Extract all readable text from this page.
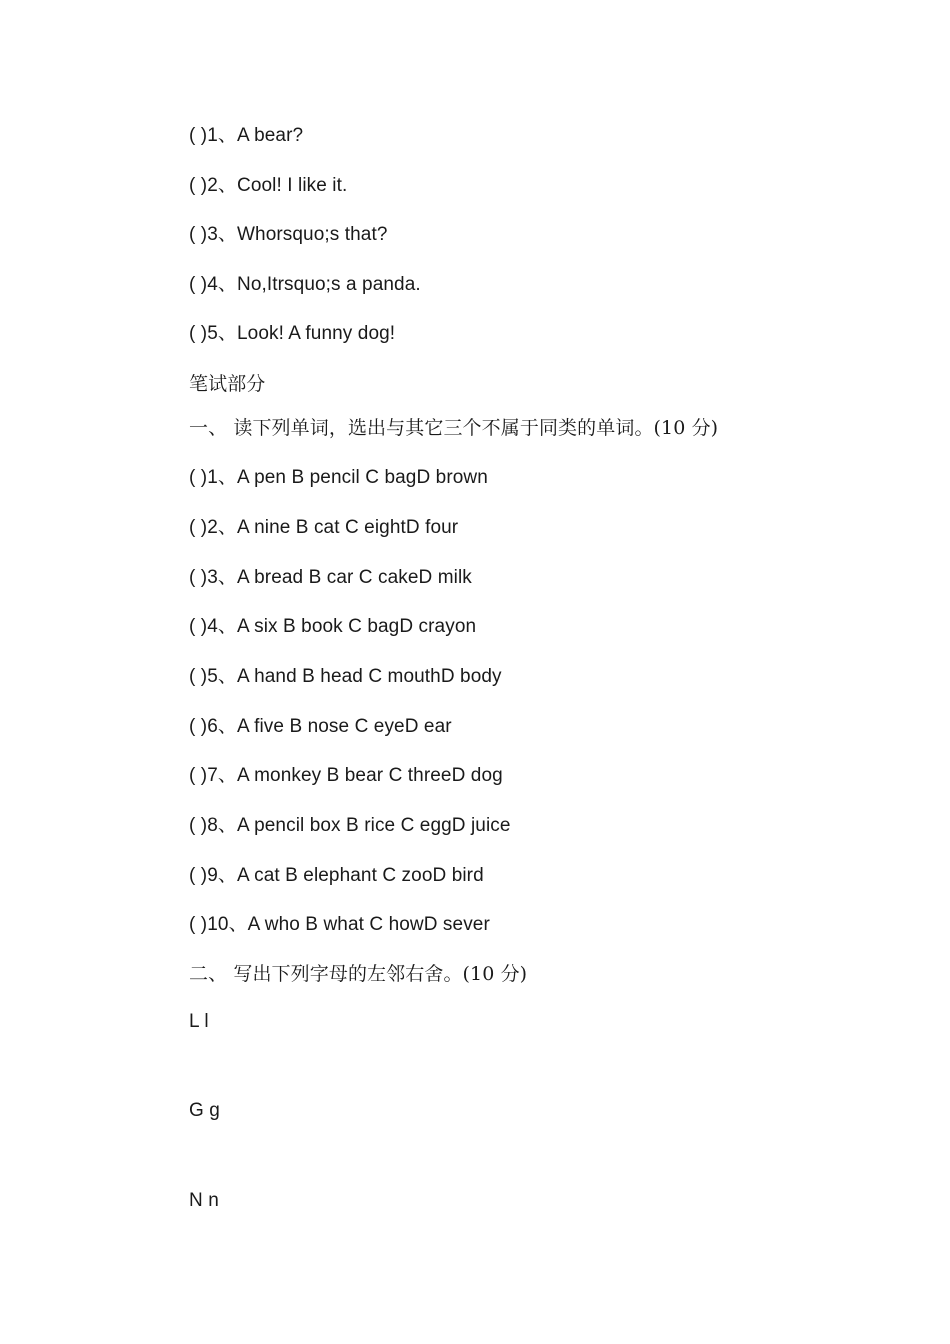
( )1、A bear?
( )2、Cool! I like it.
( )3、Whorsquo;s that?
( )4、No,Itrsquo;s a panda.
( )5、Look! A funny dog!
笔试部分
一、 读下列单词，选出与其它三个不属于同类的单词。(10 分)
( )1、A pen B pencil C bagD brown
( )2、A nine B cat C eightD four
( )3、A bread B car C cakeD milk
( )4、A six B book C bagD crayon
( )5、A hand B head C mouthD body
( )6、A five B nose C eyeD ear
( )7、A monkey B bear C threeD dog
( )8、A pencil box B rice C eggD juice
( )9、A cat B elephant C zooD bird
( )10、A who B what C howD sever
二、 写出下列字母的左邻右舍。(10 分)
L l
G g
N n
